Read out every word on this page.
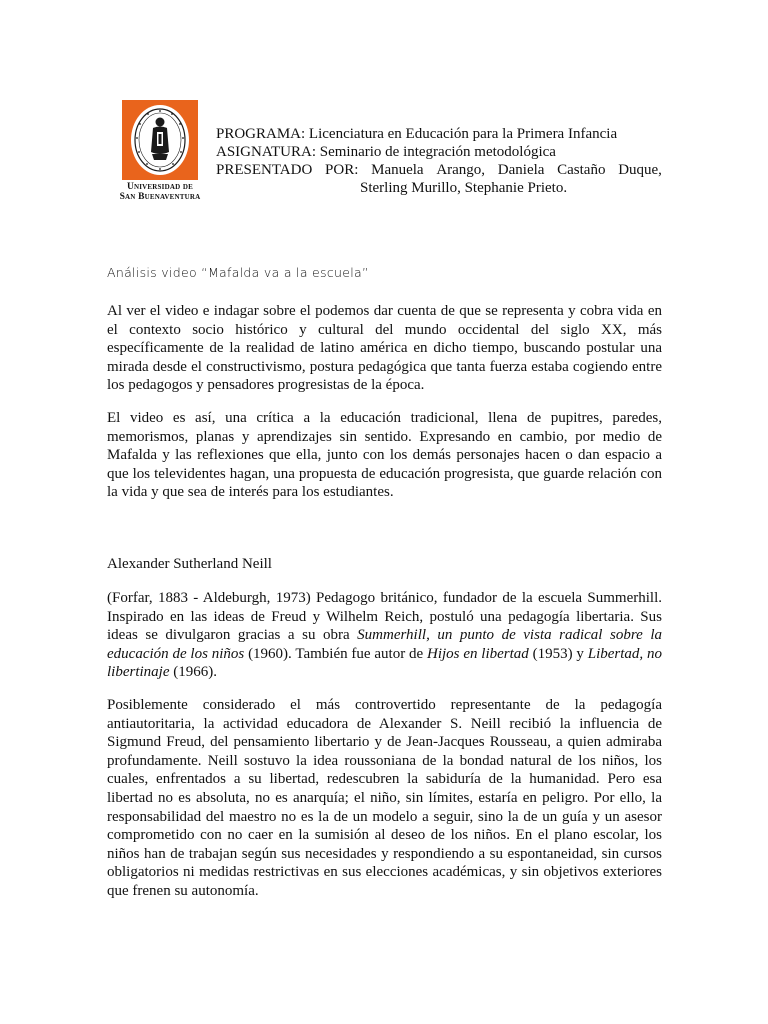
Universidad de
San Buenaventura
PROGRAMA: Licenciatura en Educación para la Primera Infancia
ASIGNATURA: Seminario de integración metodológica
PRESENTADO POR: Manuela Arango, Daniela Castaño Duque,
Sterling Murillo, Stephanie Prieto.
Análisis video “Mafalda va a la escuela”
Al ver el video e indagar sobre el podemos dar cuenta de que se representa y cobra vida en el contexto socio histórico y cultural del mundo occidental del siglo XX, más específicamente de la realidad de latino américa en dicho tiempo, buscando postular una mirada desde el constructivismo, postura pedagógica que tanta fuerza estaba cogiendo entre los pedagogos y pensadores progresistas de la época.
El video es así, una crítica a la educación tradicional, llena de pupitres, paredes, memorismos, planas y aprendizajes sin sentido. Expresando en cambio, por medio de Mafalda y las reflexiones que ella, junto con los demás personajes hacen o dan espacio a que los televidentes hagan, una propuesta de educación progresista, que guarde relación con la vida y que sea de interés para los estudiantes.
Alexander Sutherland Neill
(Forfar, 1883 - Aldeburgh, 1973) Pedagogo británico, fundador de la escuela Summerhill. Inspirado en las ideas de Freud y Wilhelm Reich, postuló una pedagogía libertaria. Sus ideas se divulgaron gracias a su obra Summerhill, un punto de vista radical sobre la educación de los niños (1960). También fue autor de Hijos en libertad (1953) y Libertad, no libertinaje (1966).
Posiblemente considerado el más controvertido representante de la pedagogía antiautoritaria, la actividad educadora de Alexander S. Neill recibió la influencia de Sigmund Freud, del pensamiento libertario y de Jean-Jacques Rousseau, a quien admiraba profundamente. Neill sostuvo la idea roussoniana de la bondad natural de los niños, los cuales, enfrentados a su libertad, redescubren la sabiduría de la humanidad. Pero esa libertad no es absoluta, no es anarquía; el niño, sin límites, estaría en peligro. Por ello, la responsabilidad del maestro no es la de un modelo a seguir, sino la de un guía y un asesor comprometido con no caer en la sumisión al deseo de los niños. En el plano escolar, los niños han de trabajan según sus necesidades y respondiendo a su espontaneidad, sin cursos obligatorios ni medidas restrictivas en sus elecciones académicas, y sin objetivos exteriores que frenen su autonomía.
